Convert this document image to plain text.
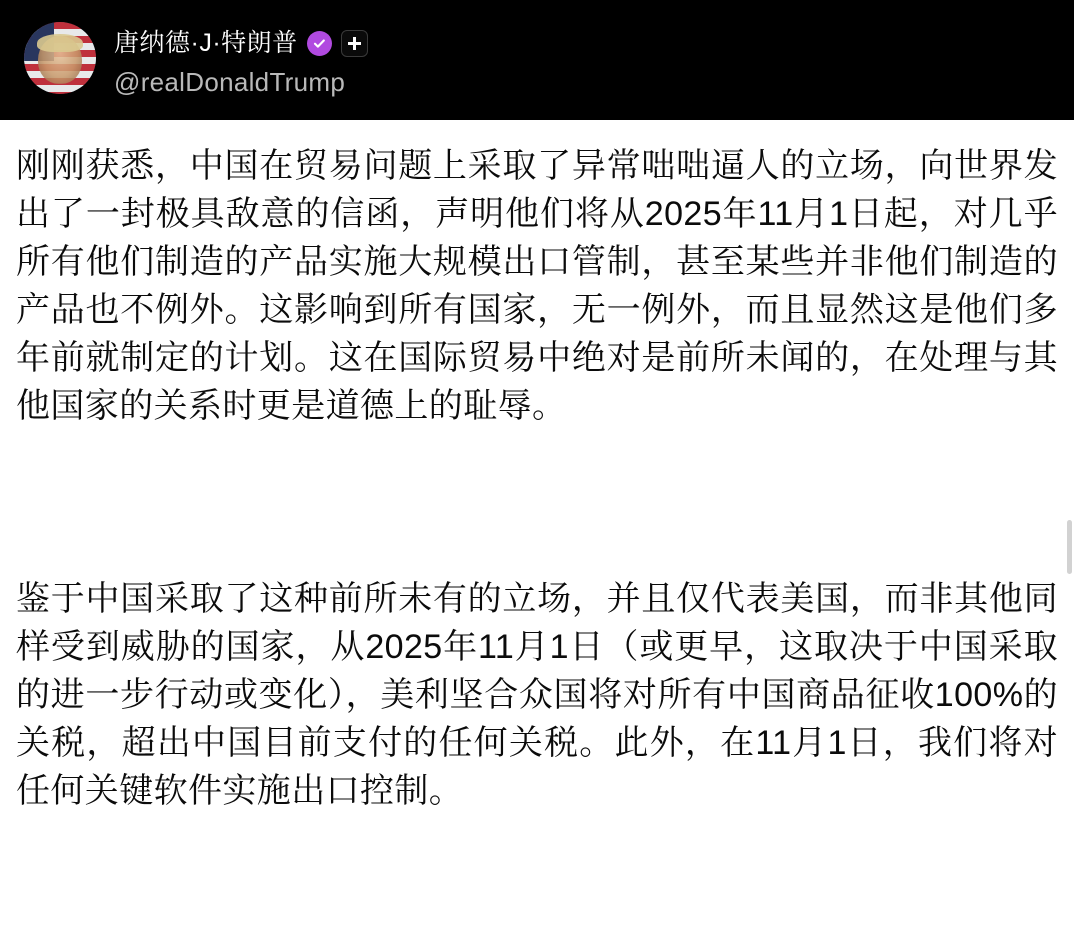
唐纳德·J·特朗普
@realDonaldTrump

刚刚获悉，中国在贸易问题上采取了异常咄咄逼人的立场，向世界发出了一封极具敌意的信函，声明他们将从2025年11月1日起，对几乎所有他们制造的产品实施大规模出口管制，甚至某些并非他们制造的产品也不例外。这影响到所有国家，无一例外，而且显然这是他们多年前就制定的计划。这在国际贸易中绝对是前所未闻的，在处理与其他国家的关系时更是道德上的耻辱。

鉴于中国采取了这种前所未有的立场，并且仅代表美国，而非其他同样受到威胁的国家，从2025年11月1日（或更早，这取决于中国采取的进一步行动或变化），美利坚合众国将对所有中国商品征收100%的关税，超出中国目前支付的任何关税。此外，在11月1日，我们将对任何关键软件实施出口控制。
